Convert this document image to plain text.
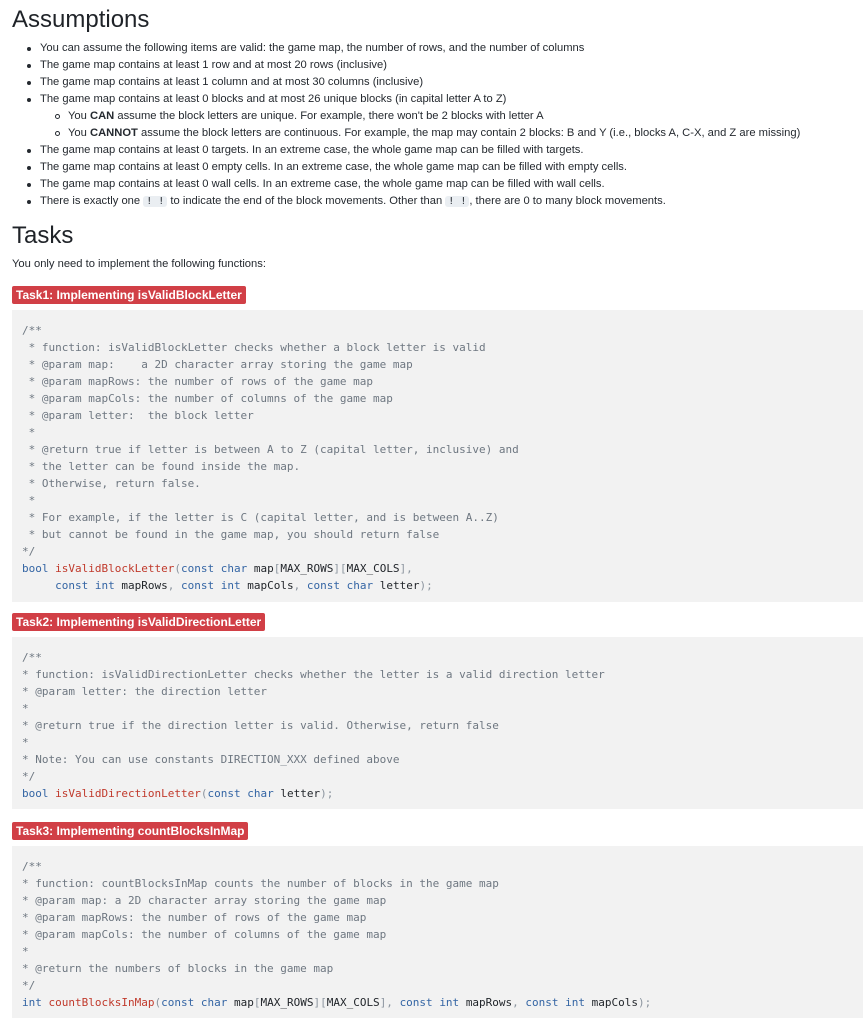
Assumptions
You can assume the following items are valid: the game map, the number of rows, and the number of columns
The game map contains at least 1 row and at most 20 rows (inclusive)
The game map contains at least 1 column and at most 30 columns (inclusive)
The game map contains at least 0 blocks and at most 26 unique blocks (in capital letter A to Z)
You CAN assume the block letters are unique. For example, there won't be 2 blocks with letter A
You CANNOT assume the block letters are continuous. For example, the map may contain 2 blocks: B and Y (i.e., blocks A, C-X, and Z are missing)
The game map contains at least 0 targets. In an extreme case, the whole game map can be filled with targets.
The game map contains at least 0 empty cells. In an extreme case, the whole game map can be filled with empty cells.
The game map contains at least 0 wall cells. In an extreme case, the whole game map can be filled with wall cells.
There is exactly one ! ! to indicate the end of the block movements. Other than ! ! , there are 0 to many block movements.
Tasks
You only need to implement the following functions:
Task1: Implementing isValidBlockLetter
/**
* function: isValidBlockLetter checks whether a block letter is valid
* @param map:    a 2D character array storing the game map
* @param mapRows: the number of rows of the game map
* @param mapCols: the number of columns of the game map
* @param letter:  the block letter
*
* @return true if letter is between A to Z (capital letter, inclusive) and
* the letter can be found inside the map.
* Otherwise, return false.
*
* For example, if the letter is C (capital letter, and is between A..Z)
* but cannot be found in the game map, you should return false
*/
bool isValidBlockLetter(const char map[MAX_ROWS][MAX_COLS],
const int mapRows, const int mapCols, const char letter);
Task2: Implementing isValidDirectionLetter
/**
* function: isValidDirectionLetter checks whether the letter is a valid direction letter
* @param letter: the direction letter
*
* @return true if the direction letter is valid. Otherwise, return false
*
* Note: You can use constants DIRECTION_XXX defined above
*/
bool isValidDirectionLetter(const char letter);
Task3: Implementing countBlocksInMap
/**
* function: countBlocksInMap counts the number of blocks in the game map
* @param map: a 2D character array storing the game map
* @param mapRows: the number of rows of the game map
* @param mapCols: the number of columns of the game map
*
* @return the numbers of blocks in the game map
*/
int countBlocksInMap(const char map[MAX_ROWS][MAX_COLS], const int mapRows, const int mapCols);
